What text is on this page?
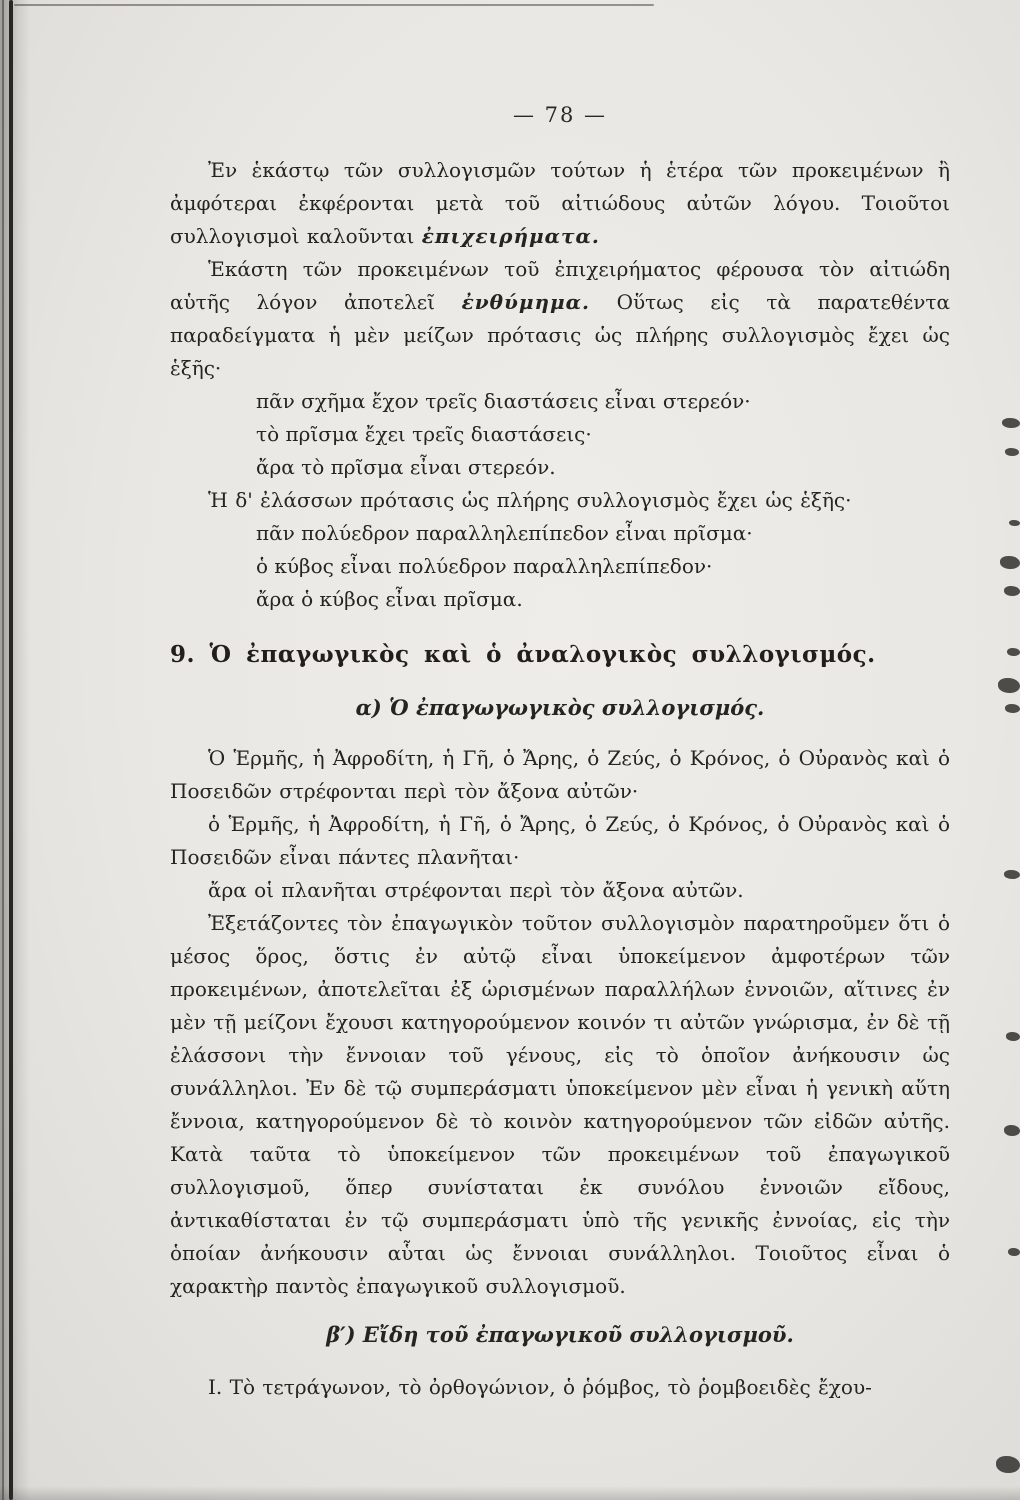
— 78 —

Ἐν ἑκάστῳ τῶν συλλογισμῶν τούτων ἡ ἑτέρα τῶν προκειμένων ἢ ἀμφότεραι ἐκφέρονται μετὰ τοῦ αἰτιώδους αὐτῶν λόγου. Τοιοῦτοι συλλογισμοὶ καλοῦνται ἐπιχειρήματα.

Ἑκάστη τῶν προκειμένων τοῦ ἐπιχειρήματος φέρουσα τὸν αἰτιώδη αὑτῆς λόγον ἀποτελεῖ ἐνθύμημα. Οὕτως εἰς τὰ παρατεθέντα παραδείγματα ἡ μὲν μείζων πρότασις ὡς πλήρης συλλογισμὸς ἔχει ὡς ἑξῆς·

πᾶν σχῆμα ἔχον τρεῖς διαστάσεις εἶναι στερεόν·
τὸ πρῖσμα ἔχει τρεῖς διαστάσεις·
ἄρα τὸ πρῖσμα εἶναι στερεόν.

Ἡ δ' ἐλάσσων πρότασις ὡς πλήρης συλλογισμὸς ἔχει ὡς ἑξῆς·

πᾶν πολύεδρον παραλληλεπίπεδον εἶναι πρῖσμα·
ὁ κύβος εἶναι πολύεδρον παραλληλεπίπεδον·
ἄρα ὁ κύβος εἶναι πρῖσμα.
9. Ὁ ἐπαγωγικὸς καὶ ὁ ἀναλογικὸς συλλογισμός.
α) Ὁ ἐπαγωγωγικὸς συλλογισμός.

Ὁ Ἑρμῆς, ἡ Ἀφροδίτη, ἡ Γῆ, ὁ Ἄρης, ὁ Ζεύς, ὁ Κρόνος, ὁ Οὐρανὸς καὶ ὁ Ποσειδῶν στρέφονται περὶ τὸν ἄξονα αὐτῶν·

ὁ Ἑρμῆς, ἡ Ἀφροδίτη, ἡ Γῆ, ὁ Ἄρης, ὁ Ζεύς, ὁ Κρόνος, ὁ Οὐρανὸς καὶ ὁ Ποσειδῶν εἶναι πάντες πλανῆται·

ἄρα οἱ πλανῆται στρέφονται περὶ τὸν ἄξονα αὐτῶν.

Ἐξετάζοντες τὸν ἐπαγωγικὸν τοῦτον συλλογισμὸν παρατηροῦμεν ὅτι ὁ μέσος ὅρος, ὅστις ἐν αὐτῷ εἶναι ὑποκείμενον ἀμφοτέρων τῶν προκειμένων, ἀποτελεῖται ἐξ ὡρισμένων παραλλήλων ἐννοιῶν, αἵτινες ἐν μὲν τῇ μείζονι ἔχουσι κατηγορούμενον κοινόν τι αὐτῶν γνώρισμα, ἐν δὲ τῇ ἐλάσσονι τὴν ἔννοιαν τοῦ γένους, εἰς τὸ ὁποῖον ἀνήκουσιν ὡς συνάλληλοι. Ἐν δὲ τῷ συμπεράσματι ὑποκείμενον μὲν εἶναι ἡ γενικὴ αὕτη ἔννοια, κατηγορούμενον δὲ τὸ κοινὸν κατηγορούμενον τῶν εἰδῶν αὐτῆς. Κατὰ ταῦτα τὸ ὑποκείμενον τῶν προκειμένων τοῦ ἐπαγωγικοῦ συλλογισμοῦ, ὅπερ συνίσταται ἐκ συνόλου ἐννοιῶν εἴδους, ἀντικαθίσταται ἐν τῷ συμπεράσματι ὑπὸ τῆς γενικῆς ἐννοίας, εἰς τὴν ὁποίαν ἀνήκουσιν αὗται ὡς ἔννοιαι συνάλληλοι. Τοιοῦτος εἶναι ὁ χαρακτὴρ παντὸς ἐπαγωγικοῦ συλλογισμοῦ.

β′) Εἴδη τοῦ ἐπαγωγικοῦ συλλογισμοῦ.

Ι. Τὸ τετράγωνον, τὸ ὀρθογώνιον, ὁ ῥόμβος, τὸ ῥομβοειδὲς ἔχου-
